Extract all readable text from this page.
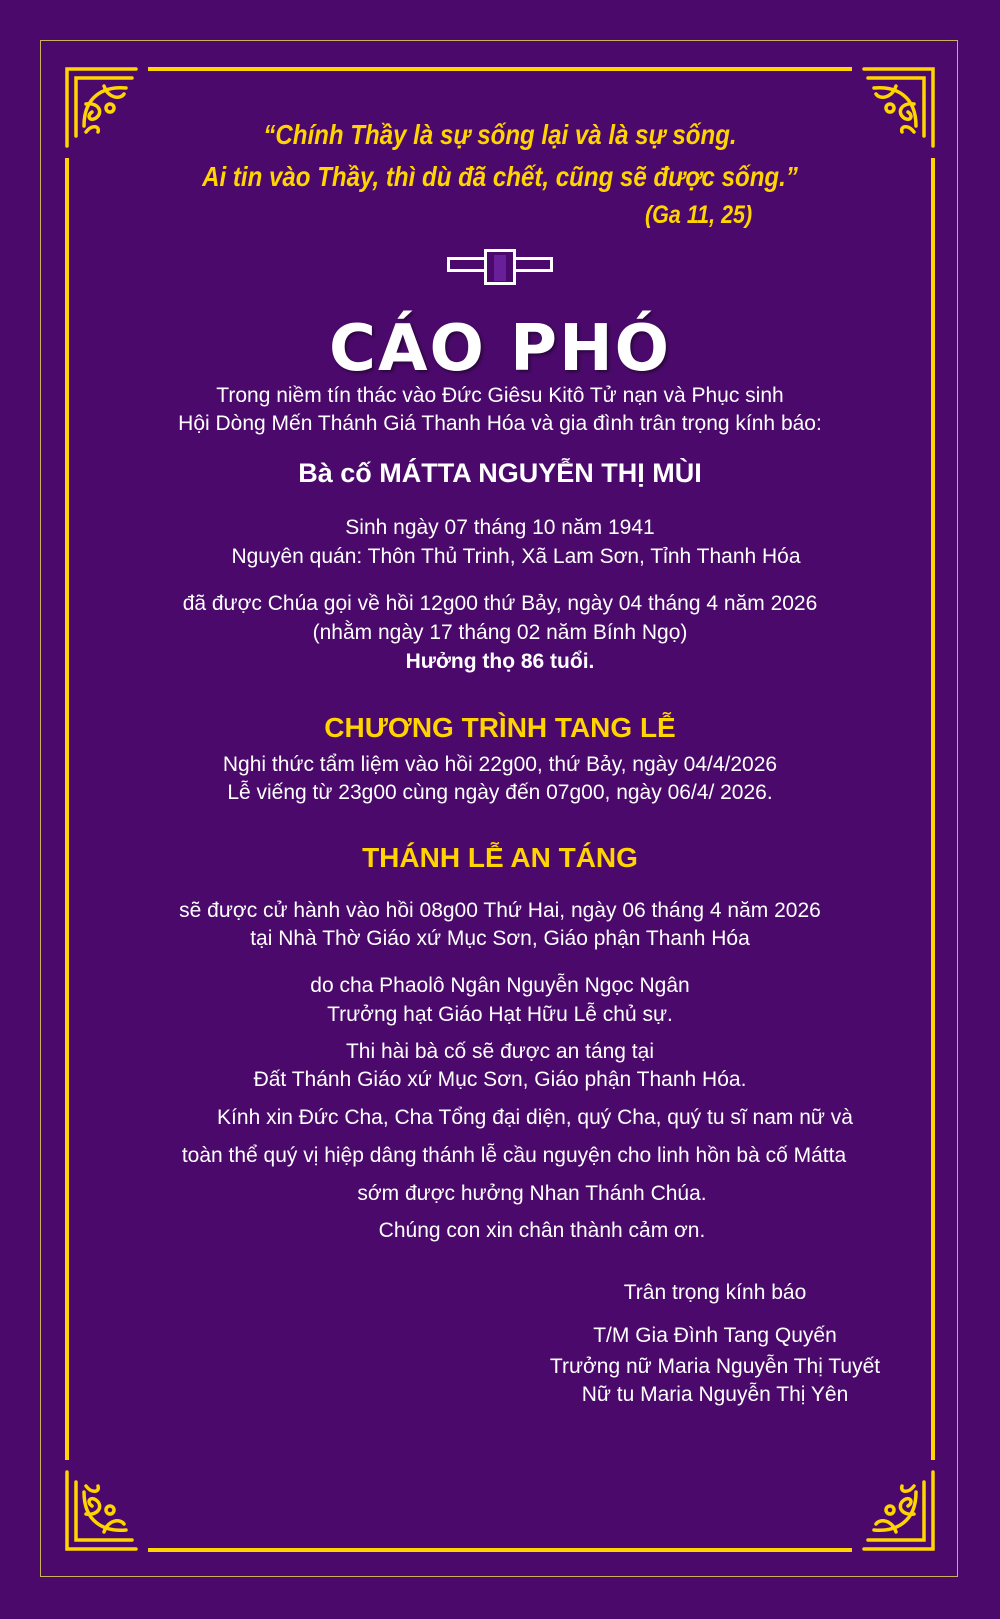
“Chính Thầy là sự sống lại và là sự sống.
Ai tin vào Thầy, thì dù đã chết, cũng sẽ được sống.”
(Ga 11, 25)
CÁO PHÓ
Trong niềm tín thác vào Đức Giêsu Kitô Tử nạn và Phục sinh
Hội Dòng Mến Thánh Giá Thanh Hóa và gia đình trân trọng kính báo:
Bà cố MÁTTA NGUYỄN THỊ MÙI
Sinh ngày 07 tháng 10 năm 1941
Nguyên quán: Thôn Thủ Trinh, Xã Lam Sơn, Tỉnh Thanh Hóa
đã được Chúa gọi về hồi 12g00 thứ Bảy, ngày 04 tháng 4 năm 2026
(nhằm ngày 17 tháng 02 năm Bính Ngọ)
Hưởng thọ 86 tuổi.
CHƯƠNG TRÌNH TANG LỄ
Nghi thức tẩm liệm vào hồi 22g00, thứ Bảy, ngày 04/4/2026
Lễ viếng từ 23g00 cùng ngày đến 07g00, ngày 06/4/ 2026.
THÁNH LỄ AN TÁNG
sẽ được cử hành vào hồi 08g00 Thứ Hai, ngày 06 tháng 4 năm 2026
tại Nhà Thờ Giáo xứ Mục Sơn, Giáo phận Thanh Hóa
do cha Phaolô Ngân Nguyễn Ngọc Ngân
Trưởng hạt Giáo Hạt Hữu Lễ chủ sự.
Thi hài bà cố sẽ được an táng tại
Đất Thánh Giáo xứ Mục Sơn, Giáo phận Thanh Hóa.
Kính xin Đức Cha, Cha Tổng đại diện, quý Cha, quý tu sĩ nam nữ và
toàn thể quý vị hiệp dâng thánh lễ cầu nguyện cho linh hồn bà cố Mátta
sớm được hưởng Nhan Thánh Chúa.
Chúng con xin chân thành cảm ơn.
Trân trọng kính báo
T/M Gia Đình Tang Quyến
Trưởng nữ Maria Nguyễn Thị Tuyết
Nữ tu Maria Nguyễn Thị Yên
